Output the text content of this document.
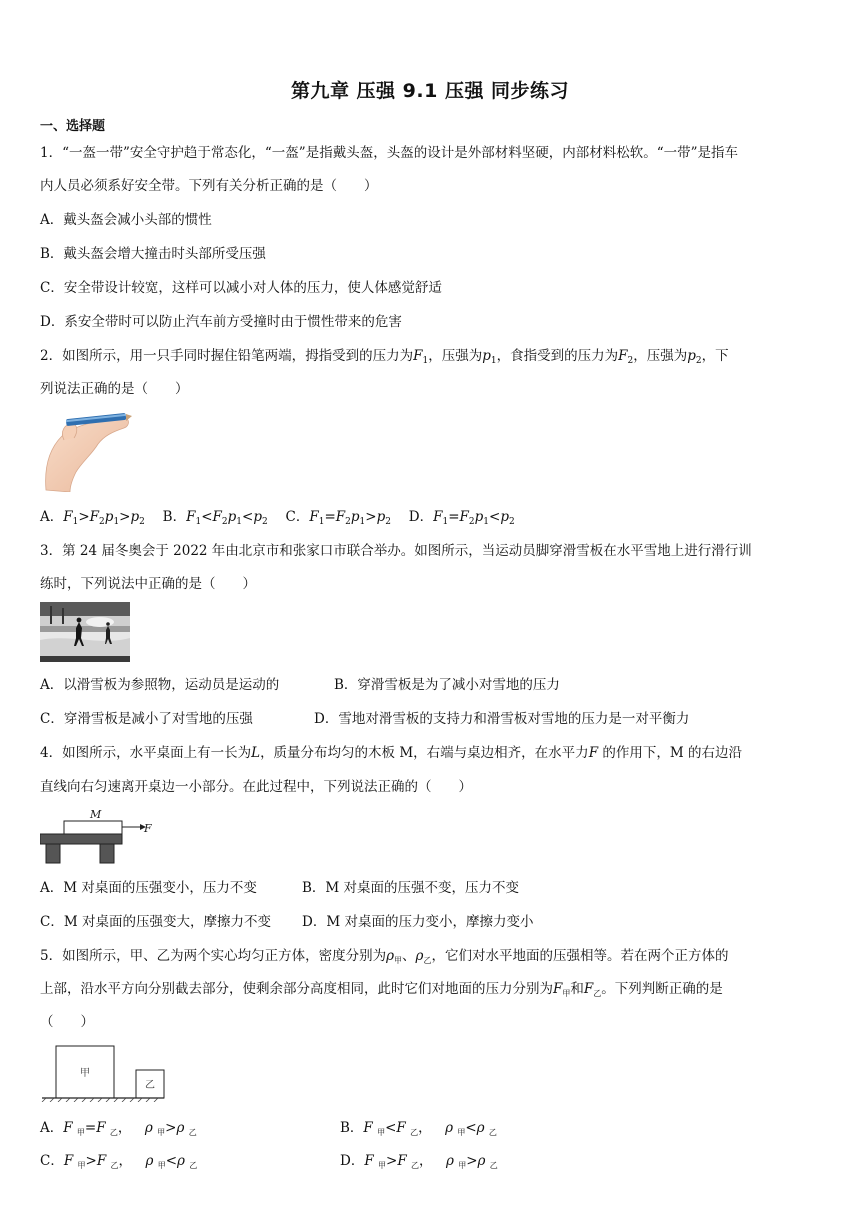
第九章 压强 9.1 压强 同步练习
一、选择题
1．“一盔一带”安全守护趋于常态化，“一盔”是指戴头盔，头盔的设计是外部材料坚硬，内部材料松软。“一带”是指车
内人员必须系好安全带。下列有关分析正确的是（　　）
A．戴头盔会减小头部的惯性
B．戴头盔会增大撞击时头部所受压强
C．安全带设计较宽，这样可以减小对人体的压力，使人体感觉舒适
D．系安全带时可以防止汽车前方受撞时由于惯性带来的危害
2．如图所示，用一只手同时握住铅笔两端，拇指受到的压力为$F_1$，压强为$p_1$，食指受到的压力为$F_2$，压强为$p_2$，下
列说法正确的是（　　）
A．$F_1>F_2p_1>p_2$  B．$F_1<F_2p_1<p_2$  C．$F_1=F_2p_1>p_2$  D．$F_1=F_2p_1<p_2$
3．第 24 届冬奥会于 2022 年由北京市和张家口市联合举办。如图所示，当运动员脚穿滑雪板在水平雪地上进行滑行训
练时，下列说法中正确的是（　　）
A．以滑雪板为参照物，运动员是运动的	B．穿滑雪板是为了减小对雪地的压力
C．穿滑雪板是减小了对雪地的压强	D．雪地对滑雪板的支持力和滑雪板对雪地的压力是一对平衡力
4．如图所示，水平桌面上有一长为L，质量分布均匀的木板 M，右端与桌边相齐，在水平力F 的作用下，M 的右边沿
直线向右匀速离开桌边一小部分。在此过程中，下列说法正确的（　　）
M
F
A．M 对桌面的压强变小，压力不变	B．M 对桌面的压强不变，压力不变
C．M 对桌面的压强变大，摩擦力不变 D．M 对桌面的压力变小，摩擦力变小
5．如图所示，甲、乙为两个实心均匀正方体，密度分别为$\rho_甲$、$\rho_乙$，它们对水平地面的压强相等。若在两个正方体的
上部，沿水平方向分别截去部分，使剩余部分高度相同，此时它们对地面的压力分别为$F_甲$和$F_乙$。下列判断正确的是
（　　）
甲
乙
A．F $_甲$=F $_乙$，  ρ $_甲$>ρ $_乙$	B．F $_甲$<F $_乙$，  ρ $_甲$<ρ $_乙$
C．F $_甲$>F $_乙$，  ρ $_甲$<ρ $_乙$	D．F $_甲$>F $_乙$，  ρ $_甲$>ρ $_乙$
